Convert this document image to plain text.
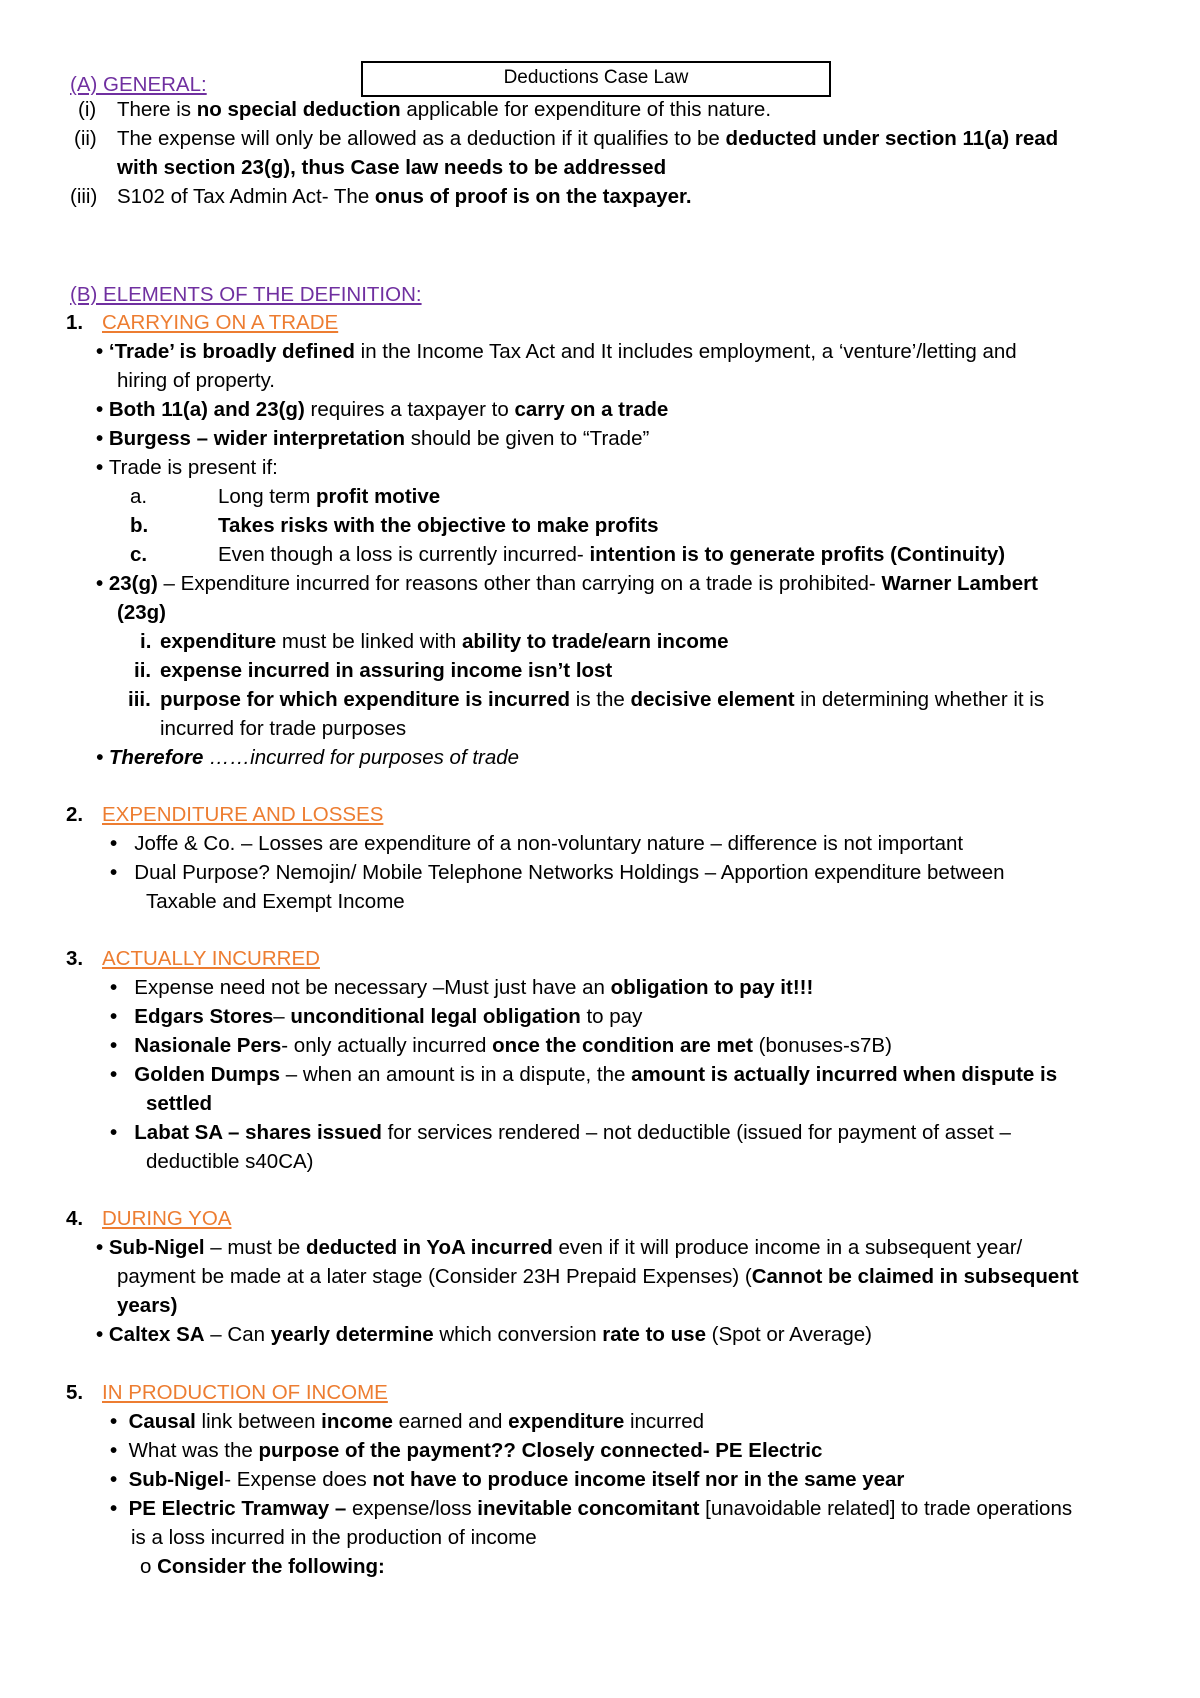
Deductions Case Law
(A) GENERAL:
(i) There is no special deduction applicable for expenditure of this nature.
(ii) The expense will only be allowed as a deduction if it qualifies to be deducted under section 11(a) read
with section 23(g), thus Case law needs to be addressed
(iii) S102 of Tax Admin Act- The onus of proof is on the taxpayer.
(B) ELEMENTS OF THE DEFINITION:
1. CARRYING ON A TRADE
• ‘Trade’ is broadly defined in the Income Tax Act and It includes employment, a ‘venture’/letting and
hiring of property.
• Both 11(a) and 23(g) requires a taxpayer to carry on a trade
• Burgess – wider interpretation should be given to “Trade”
• Trade is present if:
a.	Long term profit motive
b.	Takes risks with the objective to make profits
c.	Even though a loss is currently incurred- intention is to generate profits (Continuity)
• 23(g) – Expenditure incurred for reasons other than carrying on a trade is prohibited- Warner Lambert
(23g)
i. expenditure must be linked with ability to trade/earn income
ii. expense incurred in assuring income isn’t lost
iii. purpose for which expenditure is incurred is the decisive element in determining whether it is
incurred for trade purposes
• Therefore ……incurred for purposes of trade
2. EXPENDITURE AND LOSSES
•   Joffe & Co. – Losses are expenditure of a non-voluntary nature – difference is not important
•   Dual Purpose? Nemojin/ Mobile Telephone Networks Holdings – Apportion expenditure between
Taxable and Exempt Income
3. ACTUALLY INCURRED
•   Expense need not be necessary –Must just have an obligation to pay it!!!
•   Edgars Stores– unconditional legal obligation to pay
•   Nasionale Pers- only actually incurred once the condition are met (bonuses-s7B)
•   Golden Dumps – when an amount is in a dispute, the amount is actually incurred when dispute is
settled
•   Labat SA – shares issued for services rendered – not deductible (issued for payment of asset –
deductible s40CA)
4. DURING YOA
• Sub-Nigel – must be deducted in YoA incurred even if it will produce income in a subsequent year/
payment be made at a later stage (Consider 23H Prepaid Expenses) (Cannot be claimed in subsequent
years)
• Caltex SA – Can yearly determine which conversion rate to use (Spot or Average)
5. IN PRODUCTION OF INCOME
•  Causal link between income earned and expenditure incurred
•  What was the purpose of the payment?? Closely connected- PE Electric
•  Sub-Nigel- Expense does not have to produce income itself nor in the same year
•  PE Electric Tramway – expense/loss inevitable concomitant [unavoidable related] to trade operations
is a loss incurred in the production of income
o Consider the following:
